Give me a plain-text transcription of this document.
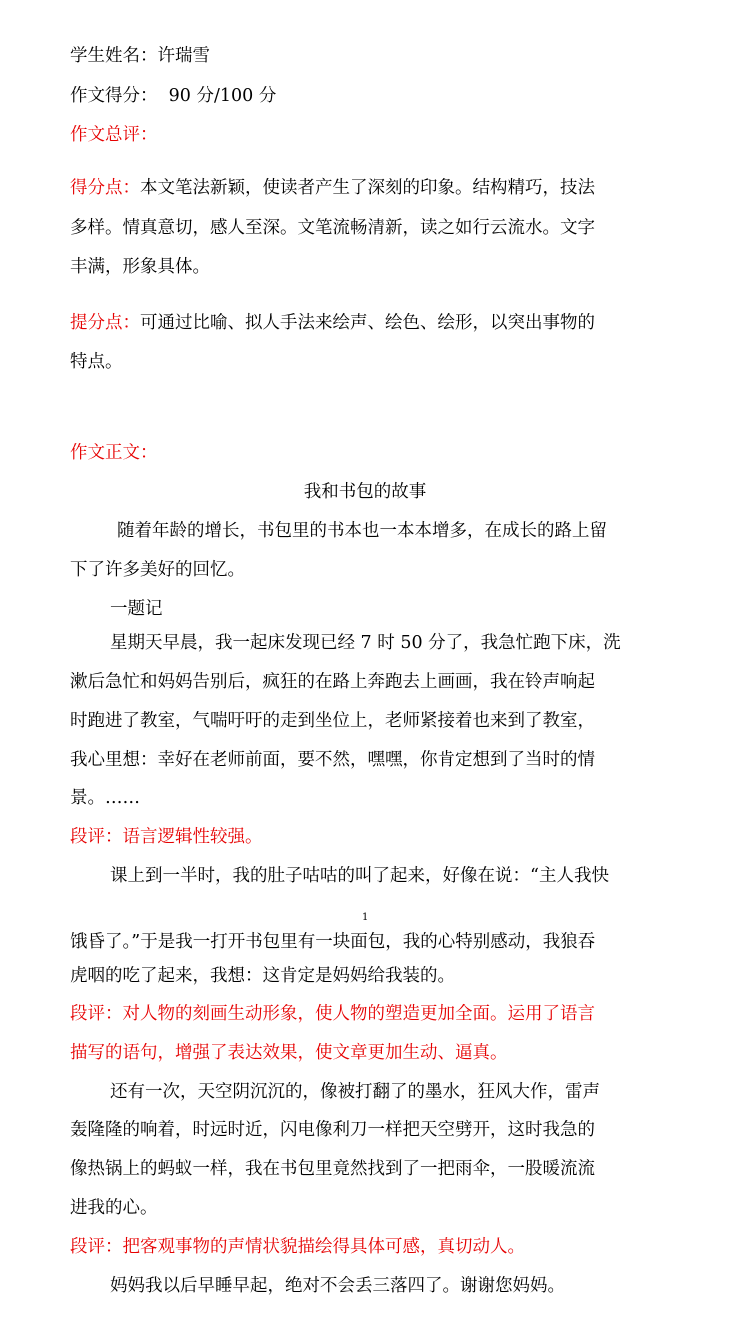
学生姓名：许瑞雪
作文得分： 90 分/100 分
作文总评：
得分点：本文笔法新颖，使读者产生了深刻的印象。结构精巧，技法
多样。情真意切，感人至深。文笔流畅清新，读之如行云流水。文字
丰满，形象具体。
提分点：可通过比喻、拟人手法来绘声、绘色、绘形，以突出事物的
特点。
作文正文：
我和书包的故事
随着年龄的增长，书包里的书本也一本本增多，在成长的路上留
下了许多美好的回忆。
一题记
星期天早晨，我一起床发现已经 7 时 50 分了，我急忙跑下床，洗
漱后急忙和妈妈告别后，疯狂的在路上奔跑去上画画，我在铃声响起
时跑进了教室，气喘吁吁的走到坐位上，老师紧接着也来到了教室，
我心里想：幸好在老师前面，要不然，嘿嘿，你肯定想到了当时的情
景。……
段评：语言逻辑性较强。
课上到一半时，我的肚子咕咕的叫了起来，好像在说：“主人我快
1
饿昏了。”于是我一打开书包里有一块面包，我的心特别感动，我狼吞
虎咽的吃了起来，我想：这肯定是妈妈给我装的。
段评：对人物的刻画生动形象，使人物的塑造更加全面。运用了语言
描写的语句，增强了表达效果，使文章更加生动、逼真。
还有一次，天空阴沉沉的，像被打翻了的墨水，狂风大作，雷声
轰隆隆的响着，时远时近，闪电像利刀一样把天空劈开，这时我急的
像热锅上的蚂蚁一样，我在书包里竟然找到了一把雨伞，一股暖流流
进我的心。
段评：把客观事物的声情状貌描绘得具体可感，真切动人。
妈妈我以后早睡早起，绝对不会丢三落四了。谢谢您妈妈。
